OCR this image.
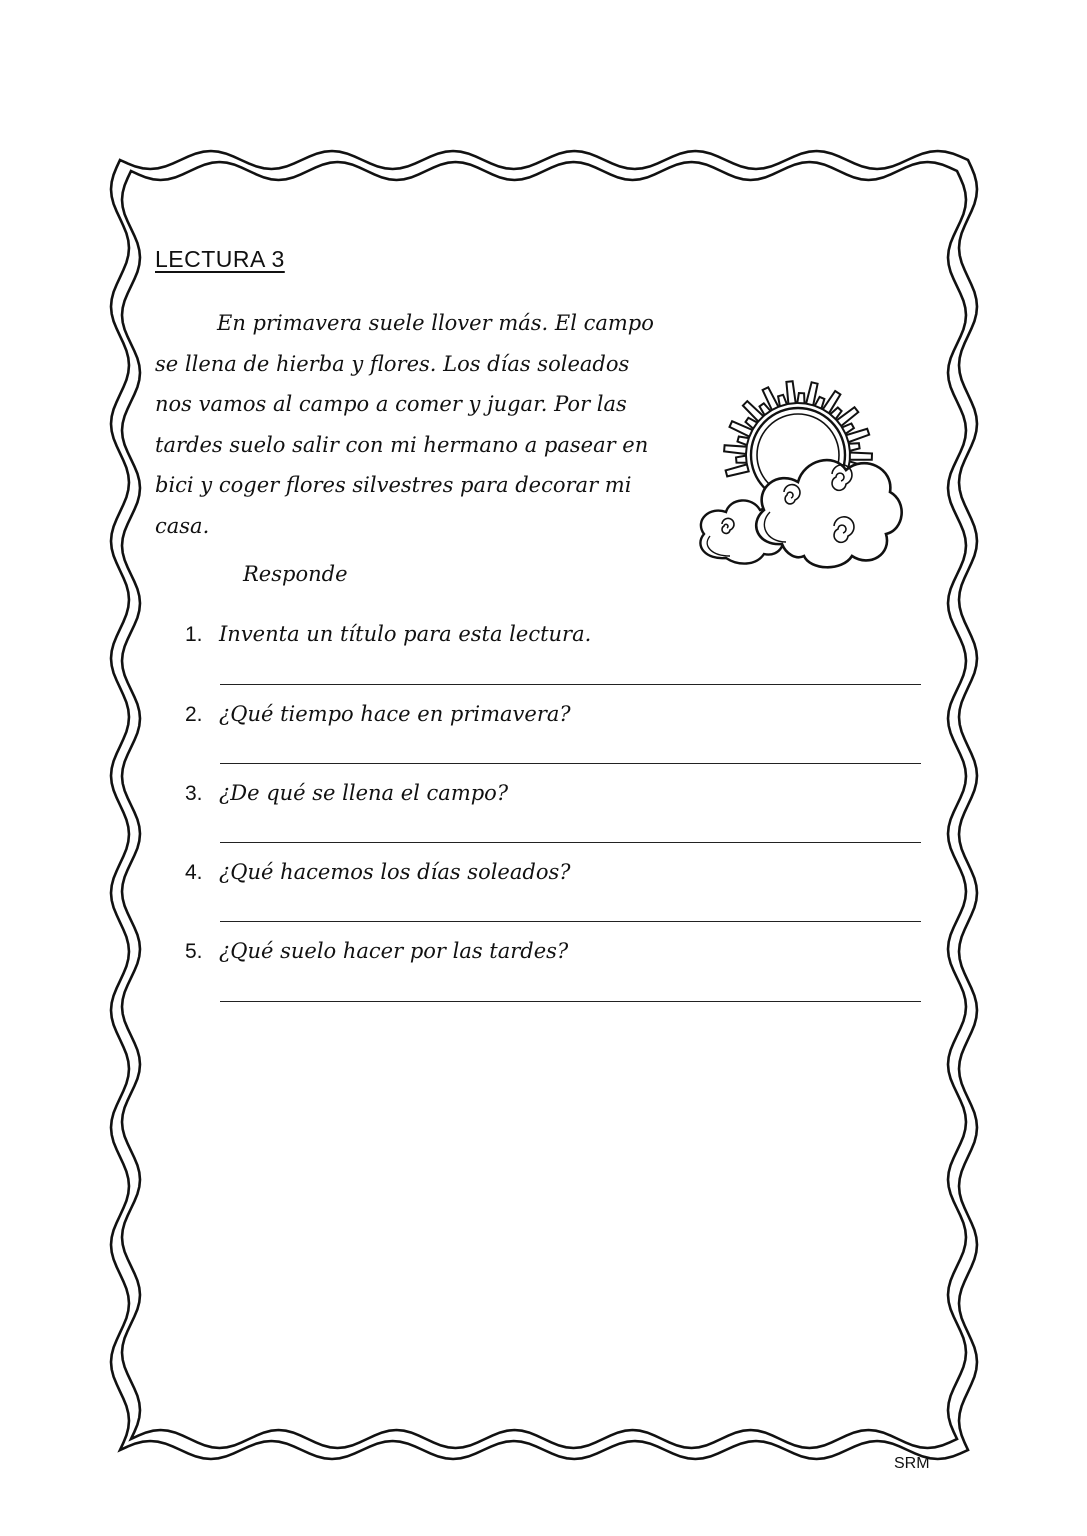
LECTURA 3

En primavera suele llover más. El campo se llena de hierba y flores. Los días soleados nos vamos al campo a comer y jugar. Por las tardes suelo salir con mi hermano a pasear en bici y coger flores silvestres para decorar mi casa.

Responde
1. Inventa un título para esta lectura.
2. ¿Qué tiempo hace en primavera?
3. ¿De qué se llena el campo?
4. ¿Qué hacemos los días soleados?
5. ¿Qué suelo hacer por las tardes?
SRM
